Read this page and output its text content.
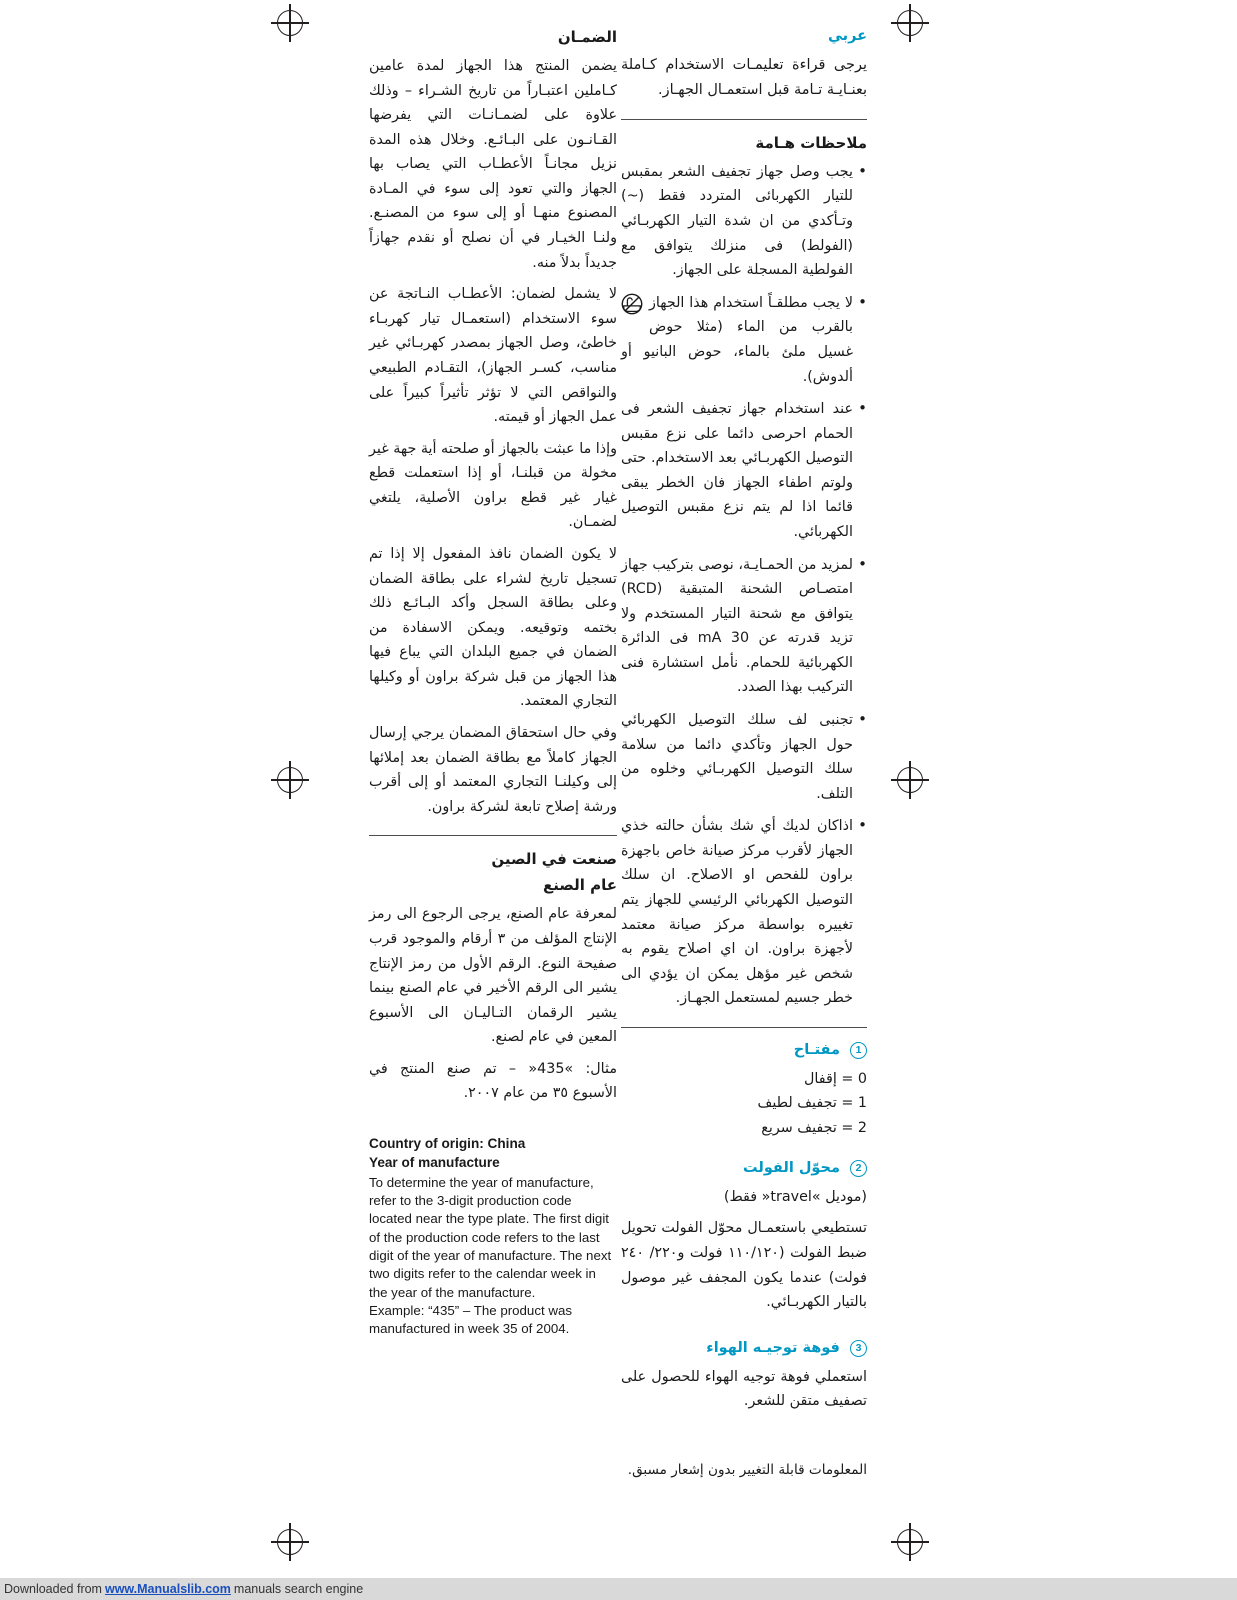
عربي

يرجى قراءة تعليمـات الاستخدام كـاملة بعنـايـة تـامة قبل استعمـال الجهـاز.

ملاحظات هـامة
• يجب وصل جهاز تجفيف الشعر بمقبس للتيار الكهربائى المتردد فقط (~) وتـأكدي من ان شدة التيار الكهربـائي (الفولط) فى منزلك يتوافق مع الفولطية المسجلة على الجهاز.
• لا يجب مطلقـاً استخدام هذا الجهاز بالقرب من الماء (مثلا حوض غسيل ملئ بالماء، حوض البانيو أو ألدوش).
• عند استخدام جهاز تجفيف الشعر فى الحمام احرصى دائما على نزع مقبس التوصيل الكهربـائي بعد الاستخدام. حتى ولوتم اطفاء الجهاز فان الخطر يبقى قائما اذا لم يتم نزع مقبس التوصيل الكهربائي.
• لمزيد من الحمـايـة، نوصى بتركيب جهاز امتصـاص الشحنة المتبقية (RCD) يتوافق مع شحنة التيار المستخدم ولا تزيد قدرته عن 30 mA فى الدائرة الكهربائية للحمام. نأمل استشارة فنى التركيب بهذا الصدد.
• تجنبى لف سلك التوصيل الكهربائي حول الجهاز وتأكدي دائما من سلامة سلك التوصيل الكهربـائي وخلوه من التلف.
• اذاكان لديك أي شك بشأن حالته خذي الجهاز لأقرب مركز صيانة خاص باجهزة براون للفحص او الاصلاح. ان سلك التوصيل الكهربائي الرئيسي للجهاز يتم تغييره بواسطة مركز صيانة معتمد لأجهزة براون. ان اي اصلاح يقوم به شخص غير مؤهل يمكن ان يؤدي الى خطر جسيم لمستعمل الجهـاز.
1 مفتـاح

0 = إقفال

1 = تجفيف لطيف

2 = تجفيف سريع

2 محوّل الفولت

(موديل »travel« فقط)

تستطيعي باستعمـال محوّل الفولت تحويل ضبط الفولت (١١٠/١٢٠ فولت و٢٢٠/ ٢٤٠ فولت) عندما يكون المجفف غير موصول بالتيار الكهربـائي.

3 فوهة توجيـه الهواء

استعملي فوهة توجيه الهواء للحصول على تصفيف متقن للشعر.

المعلومات قابلة التغيير بدون إشعار مسبق.

الضمـان

يضمن المنتج هذا الجهاز لمدة عامين كـاملين اعتبـاراً من تاريخ الشـراء – وذلك علاوة على لضمـانـات التي يفرضها القـانـون على البـائـع. وخلال هذه المدة نزيل مجانـاً الأعطـاب التي يصاب بها الجهاز والتي تعود إلى سوء في المـادة المصنوع منهـا أو إلى سوء من المصنـع. ولنـا الخيـار في أن نصلح أو نقدم جهازاً جديداً بدلاً منه.

لا يشمل لضمان: الأعطـاب النـاتجة عن سوء الاستخدام (استعمـال تيار كهربـاء خاطئ، وصل الجهاز بمصدر كهربـائي غير مناسب، كسـر الجهاز)، التقـادم الطبيعي والنواقص التي لا تؤثر تأثيراً كبيراً على عمل الجهاز أو قيمته.

وإذا ما عبثت بالجهاز أو صلحته أية جهة غير مخولة من قبلنـا، أو إذا استعملت قطع غيار غير قطع براون الأصلية، يلتغي لضمـان.

لا يكون الضمان نافذ المفعول إلا إذا تم تسجيل تاريخ لشراء على بطاقة الضمان وعلى بطاقة السجل وأكد البـائـع ذلك بختمه وتوقيعه. ويمكن الاسفادة من الضمان في جميع البلدان التي يباع فيها هذا الجهاز من قبل شركة براون أو وكيلها التجاري المعتمد.

وفي حال استحقاق المضمان يرجي إرسال الجهاز كاملاً مع بطاقة الضمان بعد إملائها إلى وكيلنـا التجاري المعتمد أو إلى أقرب ورشة إصلاح تابعة لشركة براون.

صنعت في الصين
عام الصنع

لمعرفة عام الصنع، يرجى الرجوع الى رمز الإنتاج المؤلف من ٣ أرقام والموجود قرب صفيحة النوع. الرقم الأول من رمز الإنتاج يشير الى الرقم الأخير في عام الصنع بينما يشير الرقمان التـاليـان الى الأسبوع المعين في عام لصنع.

مثال: »435« – تم صنع المنتج في الأسبوع ٣٥ من عام ٢٠٠٧.

Country of origin: China
Year of manufacture

To determine the year of manufacture, refer to the 3-digit production code located near the type plate. The first digit of the production code refers to the last digit of the year of manufacture. The next two digits refer to the calendar week in the year of the manufacture.

Example: “435” – The product was manufactured in week 35 of 2004.

Downloaded from www.Manualslib.com manuals search engine
